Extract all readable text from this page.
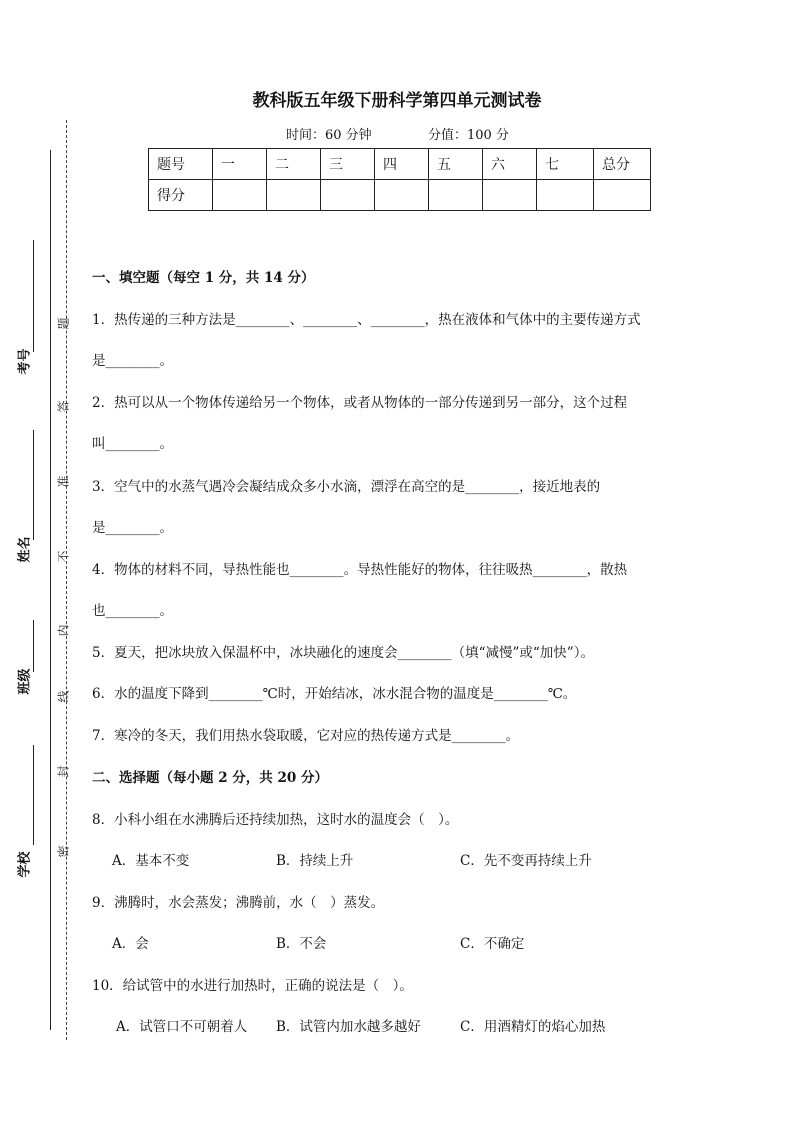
考号
姓名
班级
学校
题
答
准
不
内
线
封
密
教科版五年级下册科学第四单元测试卷
时间：60 分钟	分值：100 分
题号	一	二	三	四	五	六	七	总分
得分								
一、填空题（每空 1 分，共 14 分）
1．热传递的三种方法是________、________、________，热在液体和气体中的主要传递方式
是________。
2．热可以从一个物体传递给另一个物体，或者从物体的一部分传递到另一部分，这个过程
叫________。
3．空气中的水蒸气遇冷会凝结成众多小水滴，漂浮在高空的是________，接近地表的
是________。
4．物体的材料不同，导热性能也________。导热性能好的物体，往往吸热________，散热
也________。
5．夏天，把冰块放入保温杯中，冰块融化的速度会________（填“减慢”或“加快”）。
6．水的温度下降到________℃时，开始结冰，冰水混合物的温度是________℃。
7．寒冷的冬天，我们用热水袋取暖，它对应的热传递方式是________。
二、选择题（每小题 2 分，共 20 分）
8．小科小组在水沸腾后还持续加热，这时水的温度会（　）。
A．基本不变	B．持续上升	C．先不变再持续上升
9．沸腾时，水会蒸发；沸腾前，水（　）蒸发。
A．会	B．不会	C．不确定
10．给试管中的水进行加热时，正确的说法是（　）。
A．试管口不可朝着人 B．试管内加水越多越好	C．用酒精灯的焰心加热
